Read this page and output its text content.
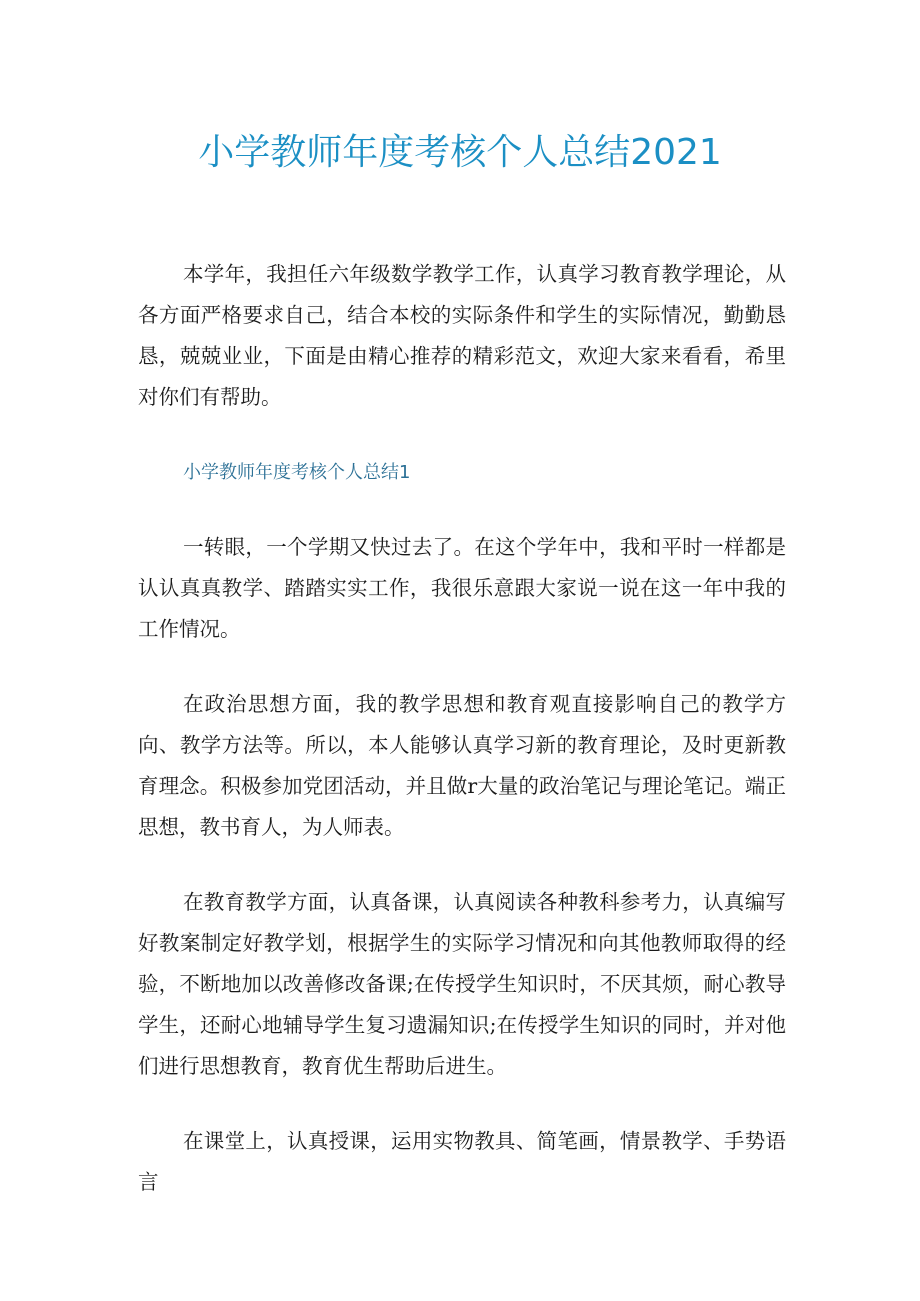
小学教师年度考核个人总结2021

本学年，我担任六年级数学教学工作，认真学习教育教学理论，从各方面严格要求自己，结合本校的实际条件和学生的实际情况，勤勤恳恳，兢兢业业，下面是由精心推荐的精彩范文，欢迎大家来看看，希里对你们有帮助。

小学教师年度考核个人总结1

一转眼，一个学期又快过去了。在这个学年中，我和平时一样都是认认真真教学、踏踏实实工作，我很乐意跟大家说一说在这一年中我的工作情况。

在政治思想方面，我的教学思想和教育观直接影响自己的教学方向、教学方法等。所以，本人能够认真学习新的教育理论，及时更新教育理念。积极参加党团活动，并且做r大量的政治笔记与理论笔记。端正思想，教书育人，为人师表。

在教育教学方面，认真备课，认真阅读各种教科参考力，认真编写好教案制定好教学划，根据学生的实际学习情况和向其他教师取得的经验，不断地加以改善修改备课;在传授学生知识时，不厌其烦，耐心教导学生，还耐心地辅导学生复习遗漏知识;在传授学生知识的同时，并对他们进行思想教育，教育优生帮助后进生。

在课堂上，认真授课，运用实物教具、简笔画，情景教学、手势语言
